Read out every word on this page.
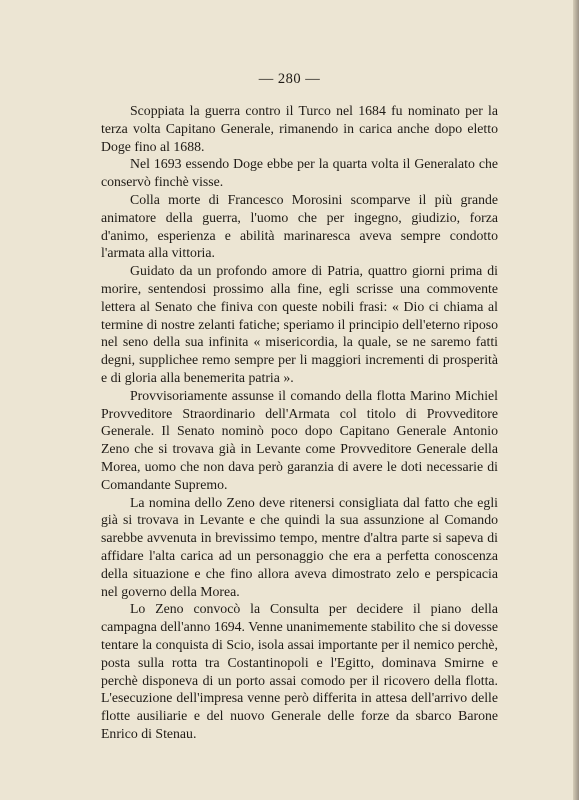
— 280 —

Scoppiata la guerra contro il Turco nel 1684 fu nominato per la terza volta Capitano Generale, rimanendo in carica anche dopo eletto Doge fino al 1688.

Nel 1693 essendo Doge ebbe per la quarta volta il Generalato che conservò finchè visse.

Colla morte di Francesco Morosini scomparve il più grande animatore della guerra, l'uomo che per ingegno, giudizio, forza d'animo, esperienza e abilità marinaresca aveva sempre condotto l'armata alla vittoria.

Guidato da un profondo amore di Patria, quattro giorni prima di morire, sentendosi prossimo alla fine, egli scrisse una commovente lettera al Senato che finiva con queste nobili frasi: « Dio ci chiama al termine di nostre zelanti fatiche; speriamo il principio dell'eterno riposo nel seno della sua infinita « misericordia, la quale, se ne saremo fatti degni, supplichee remo sempre per li maggiori incrementi di prosperità e di gloria alla benemerita patria ».

Provvisoriamente assunse il comando della flotta Marino Michiel Provveditore Straordinario dell'Armata col titolo di Provveditore Generale. Il Senato nominò poco dopo Capitano Generale Antonio Zeno che si trovava già in Levante come Provveditore Generale della Morea, uomo che non dava però garanzia di avere le doti necessarie di Comandante Supremo.

La nomina dello Zeno deve ritenersi consigliata dal fatto che egli già si trovava in Levante e che quindi la sua assunzione al Comando sarebbe avvenuta in brevissimo tempo, mentre d'altra parte si sapeva di affidare l'alta carica ad un personaggio che era a perfetta conoscenza della situazione e che fino allora aveva dimostrato zelo e perspicacia nel governo della Morea.

Lo Zeno convocò la Consulta per decidere il piano della campagna dell'anno 1694. Venne unanimemente stabilito che si dovesse tentare la conquista di Scio, isola assai importante per il nemico perchè, posta sulla rotta tra Costantinopoli e l'Egitto, dominava Smirne e perchè disponeva di un porto assai comodo per il ricovero della flotta. L'esecuzione dell'impresa venne però differita in attesa dell'arrivo delle flotte ausiliarie e del nuovo Generale delle forze da sbarco Barone Enrico di Stenau.
